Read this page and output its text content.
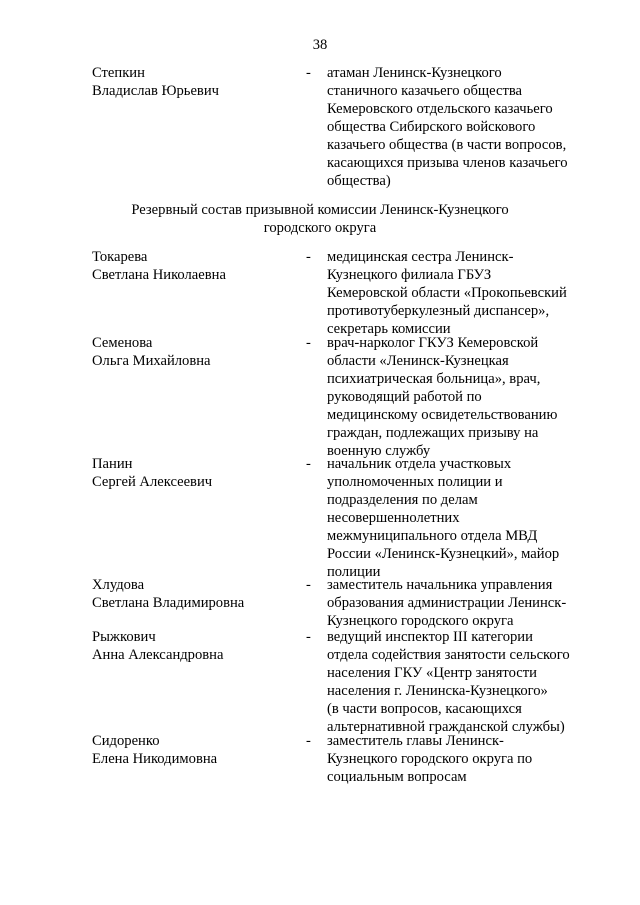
38
Степкин
Владислав Юрьевич
- атаман Ленинск-Кузнецкого
станичного казачьего общества
Кемеровского отдельского казачьего
общества Сибирского войскового
казачьего общества (в части вопросов,
касающихся призыва членов казачьего
общества)
Резервный состав призывной комиссии Ленинск-Кузнецкого
городского округа
Токарева
Светлана Николаевна
- медицинская сестра Ленинск-
Кузнецкого филиала ГБУЗ
Кемеровской области «Прокопьевский
противотуберкулезный диспансер»,
секретарь комиссии
Семенова
Ольга Михайловна
- врач-нарколог ГКУЗ Кемеровской
области «Ленинск-Кузнецкая
психиатрическая больница», врач,
руководящий работой по
медицинскому освидетельствованию
граждан, подлежащих призыву на
военную службу
Панин
Сергей Алексеевич
- начальник отдела участковых
уполномоченных полиции и
подразделения по делам
несовершеннолетних
межмуниципального отдела МВД
России «Ленинск-Кузнецкий», майор
полиции
Хлудова
Светлана Владимировна
- заместитель начальника управления
образования администрации Ленинск-
Кузнецкого городского округа
Рыжкович
Анна Александровна
- ведущий инспектор III категории
отдела содействия занятости сельского
населения ГКУ «Центр занятости
населения г. Ленинска-Кузнецкого»
(в части вопросов, касающихся
альтернативной гражданской службы)
Сидоренко
Елена Никодимовна
- заместитель главы Ленинск-
Кузнецкого городского округа по
социальным вопросам
